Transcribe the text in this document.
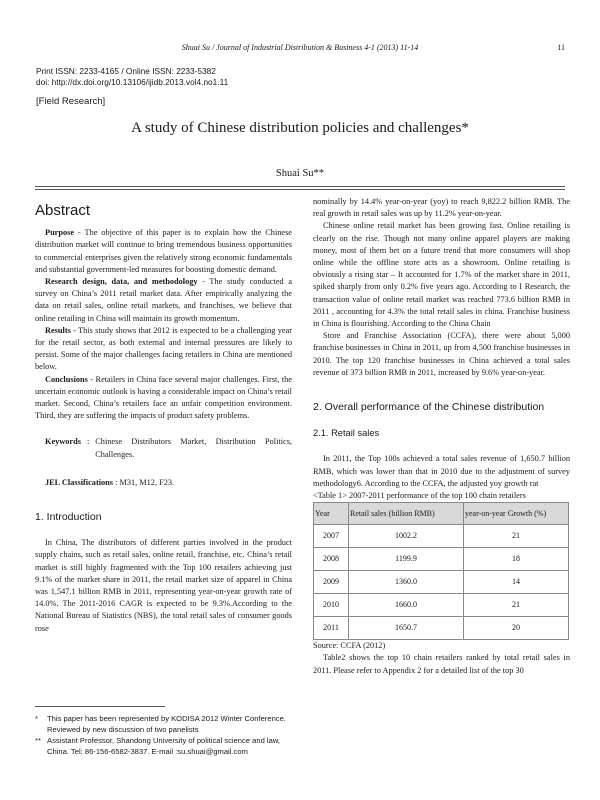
Shuai Su / Journal of Industrial Distribution & Business 4-1 (2013) 11-14	11
Print ISSN: 2233-4165 / Online ISSN: 2233-5382
doi: http://dx.doi.org/10.13106/ijidb.2013.vol4.no1.11
[Field Research]
A study of Chinese distribution policies and challenges*
Shuai Su**
Abstract

Purpose - The objective of this paper is to explain how the Chinese distribution market will continue to bring tremendous business opportunities to commercial enterprises given the relatively strong economic fundamentals and substantial government-led measures for boosting domestic demand.

Research design, data, and methodology - The study conducted a survey on China’s 2011 retail market data. After empirically analyzing the data on retail sales, online retail markets, and franchises, we believe that online retailing in China will maintain its growth momentum.

Results - This study shows that 2012 is expected to be a challenging year for the retail sector, as both external and internal pressures are likely to persist. Some of the major challenges facing retailers in China are mentioned below.

Conclusions - Retailers in China face several major challenges. First, the uncertain economic outlook is having a considerable impact on China’s retail market. Second, China’s retailers face an unfair competition environment. Third, they are suffering the impacts of product safety problems.

Keywords : Chinese Distributors Market, Distribution Politics, Challenges.
JEL Classifications : M31, M12, F23.
1. Introduction

In China, The distributors of different parties involved in the product supply chains, such as retail sales, online retail, franchise, etc. China’s retail market is still highly fragmented with the Top 100 retailers achieving just 9.1% of the market share in 2011, the retail market size of apparel in China was 1,547.1 billion RMB in 2011, representing year-on-year growth rate of 14.0%. The 2011-2016 CAGR is expected to be 9.3%.According to the National Bureau of Statistics (NBS), the total retail sales of consumer goods rose

*	This paper has been represented by KODISA 2012 Winter Conference. Reviewed by new discussion of two panelists
** Assistant Professor, Shandong University of political science and law, China. Tel: 86-156-6582-3837. E-mail :su.shuai@gmail.com

nominally by 14.4% year-on-year (yoy) to reach 9,822.2 billion RMB. The real growth in retail sales was up by 11.2% year-on-year.

Chinese online retail market has been growing fast. Online retailing is clearly on the rise. Though not many online apparel players are making money, most of them bet on a future trend that more consumers will shop online while the offline store acts as a showroom. Online retailing is obviously a rising star – It accounted for 1.7% of the market share in 2011, spiked sharply from only 0.2% five years ago. According to I Research, the transaction value of online retail market was reached 773.6 billion RMB in 2011 , accounting for 4.3% the total retail sales in china. Franchise business in China is flourishing. According to the China Chain

Store and Franchise Association (CCFA), there were about 5,000 franchise businesses in China in 2011, up from 4,500 franchise businesses in 2010. The top 120 franchise businesses in China achieved a total sales revenue of 373 billion RMB in 2011, increased by 9.6% year-on-year.

2. Overall performance of the Chinese distribution
2.1. Retail sales

In 2011, the Top 100s achieved a total sales revenue of 1,650.7 billion RMB, which was lower than that in 2010 due to the adjustment of survey methodology6. According to the CCFA, the adjusted yoy growth rat

<Table 1> 2007-2011 performance of the top 100 chain retailers

Year	Retail sales (billion RMB)	year-on-year Growth (%)
2007	1002.2	21
2008	1199.9	18
2009	1360.0	14
2010	1660.0	21
2011	1650.7	20

Source: CCFA (2012)

Table2 shows the top 10 chain retailers ranked by total retail sales in 2011. Please refer to Appendix 2 for a detailed list of the top 30
